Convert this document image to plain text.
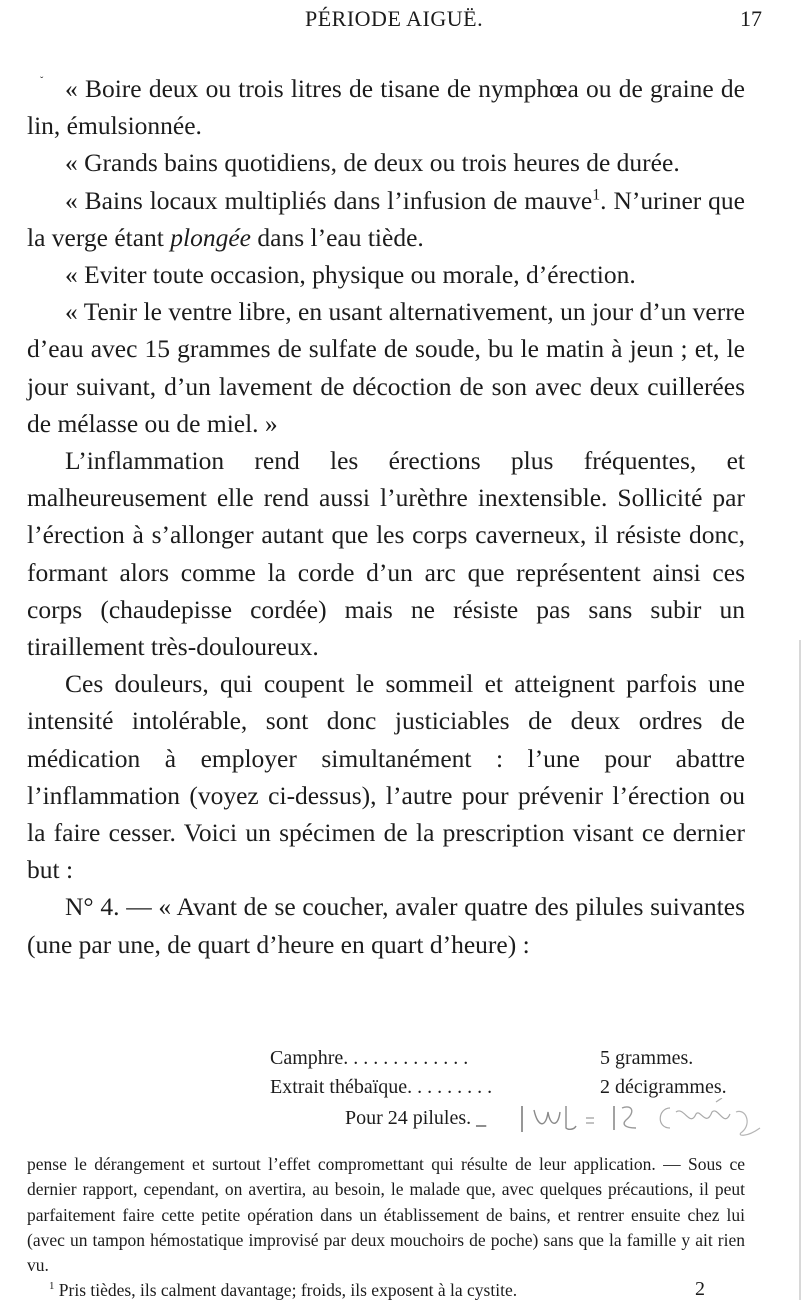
PÉRIODE AIGUË.	17
ˇ « Boire deux ou trois litres de tisane de nymphœa ou de graine de lin, émulsionnée.

« Grands bains quotidiens, de deux ou trois heures de durée.

« Bains locaux multipliés dans l’infusion de mauve$^1$. N’uriner que la verge étant plongée dans l’eau tiède.

« Eviter toute occasion, physique ou morale, d’érection.

« Tenir le ventre libre, en usant alternativement, un jour d’un verre d’eau avec 15 grammes de sulfate de soude, bu le matin à jeun ; et, le jour suivant, d’un lavement de décoction de son avec deux cuillerées de mélasse ou de miel. »

L’inflammation rend les érections plus fréquentes, et malheureusement elle rend aussi l’urèthre inextensible. Sollicité par l’érection à s’allonger autant que les corps caverneux, il résiste donc, formant alors comme la corde d’un arc que représentent ainsi ces corps (chaudepisse cordée) mais ne résiste pas sans subir un tiraillement très-douloureux.

Ces douleurs, qui coupent le sommeil et atteignent parfois une intensité intolérable, sont donc justiciables de deux ordres de médication à employer simultanément : l’une pour abattre l’inflammation (voyez ci-dessus), l’autre pour prévenir l’érection ou la faire cesser. Voici un spécimen de la prescription visant ce dernier but :

N° 4. — « Avant de se coucher, avaler quatre des pilules suivantes (une par une, de quart d’heure en quart d’heure) :

Camphre. . . . . . . . . . . . .	5 grammes.
Extrait thébaïque. . . . . . . . .	2 décigrammes.
Pour 24 pilules. _

pense le dérangement et surtout l’effet compromettant qui résulte de leur application. — Sous ce dernier rapport, cependant, on avertira, au besoin, le malade que, avec quelques précautions, il peut parfaitement faire cette petite opération dans un établissement de bains, et rentrer ensuite chez lui (avec un tampon hémostatique improvisé par deux mouchoirs de poche) sans que la famille y ait rien vu.

$^1$ Pris tièdes, ils calment davantage; froids, ils exposent à la cystite.	2
